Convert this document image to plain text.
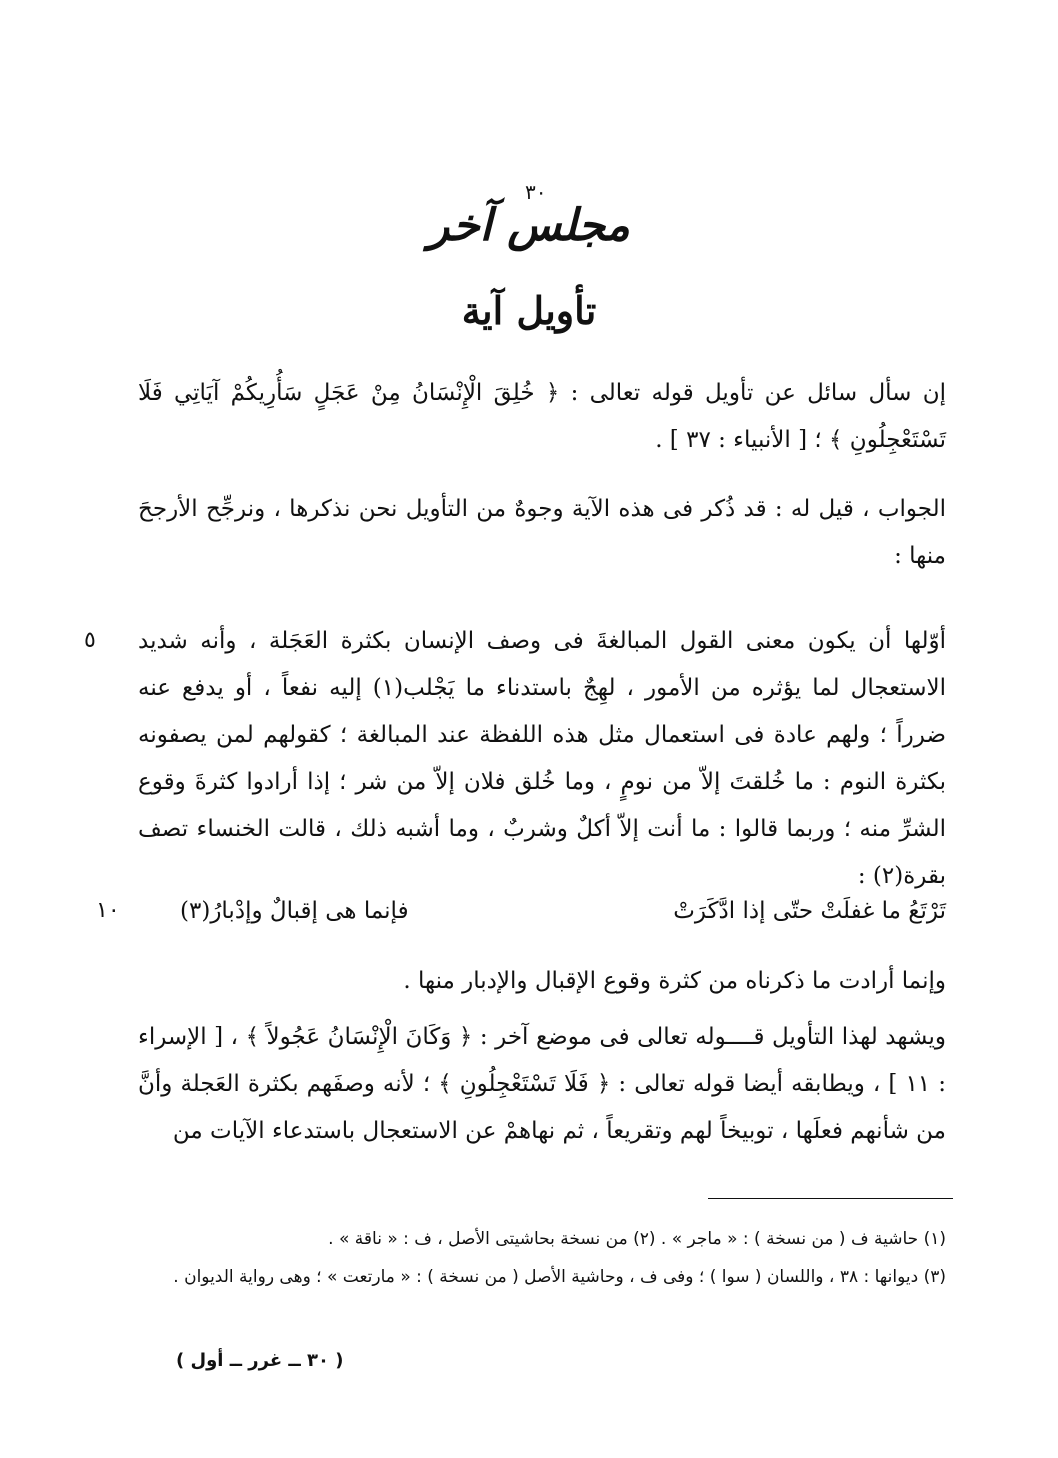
٣٠
مجلس آخر
تأويل آية

إن سأل سائل عن تأويل قوله تعالى : ﴿ خُلِقَ الْإِنْسَانُ مِنْ عَجَلٍ سَأُرِيكُمْ آيَاتِي فَلَا تَسْتَعْجِلُونِ ﴾ ؛ [ الأنبياء : ٣٧ ] .

الجواب ، قيل له : قد ذُكر فى هذه الآية وجوهٌ من التأويل نحن نذكرها ، ونرجِّح الأرجحَ منها :

٥ أوّلها أن يكون معنى القول المبالغةَ فى وصف الإنسان بكثرة العَجَلة ، وأنه شديد الاستعجال لما يؤثره من الأمور ، لهِجٌ باستدناء ما يَجْلب(١) إليه نفعاً ، أو يدفع عنه ضرراً ؛ ولهم عادة فى استعمال مثل هذه اللفظة عند المبالغة ؛ كقولهم لمن يصفونه بكثرة النوم : ما خُلقتَ إلاّ من نومٍ ، وما خُلق فلان إلاّ من شر ؛ إذا أرادوا كثرةَ وقوع الشرِّ منه ؛ وربما قالوا : ما أنت إلاّ أكلٌ وشربٌ ، وما أشبه ذلك ، قالت الخنساء تصف بقرة(٢) :

١٠	تَرْتَعُ ما غفلَتْ حتّى إذا ادَّكَرَتْ
فإنما هى إقبالٌ وإدْبارُ(٣)

وإنما أرادت ما ذكرناه من كثرة وقوع الإقبال والإدبار منها .

ويشهد لهذا التأويل قــــوله تعالى فى موضع آخر : ﴿ وَكَانَ الْإِنْسَانُ عَجُولاً ﴾ ، [ الإسراء : ١١ ] ، ويطابقه أيضا قوله تعالى : ﴿ فَلَا تَسْتَعْجِلُونِ ﴾ ؛ لأنه وصفَهم بكثرة العَجلة وأنَّ من شأنهم فعلَها ، توبيخاً لهم وتقريعاً ، ثم نهاهمْ عن الاستعجال باستدعاء الآيات من

(١) حاشية ف ( من نسخة ) : « ماجر » . (٢) من نسخة بحاشيتى الأصل ، ف : « ناقة » .

(٣) ديوانها : ٣٨ ، واللسان ( سوا ) ؛ وفى ف ، وحاشية الأصل ( من نسخة ) : « مارتعت » ؛ وهى رواية الديوان .

( ٣٠ ــ غرر ــ أول )
